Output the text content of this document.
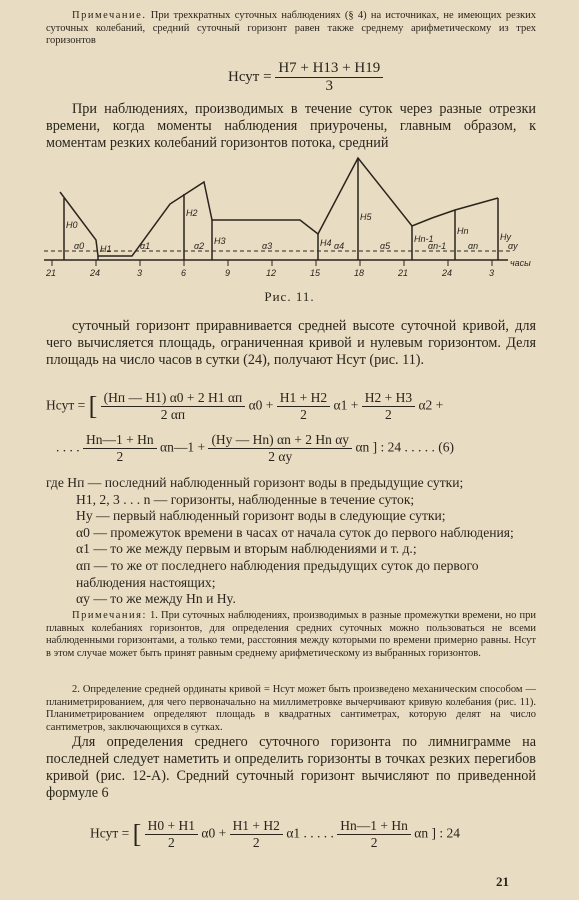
Примечание. При трехкратных суточных наблюдениях (§ 4) на источниках, не имеющих резких суточных колебаний, средний суточный горизонт равен также среднему арифметическому из трех горизонтов
Hсут = $\frac{H7 + H13 + H19}{3}$
При наблюдениях, производимых в течение суток через разные отрезки времени, когда моменты наблюдения приурочены, главным образом, к моментам резких колебаний горизонтов потока, средний
21	24	3	6	9	12	15	18	21	24	3
часы
H0
H1
H2
H3	H4
H5
Hn-1
Hn
Hy
α0	α1	α2	α3	α4	α5	αn-1 αn	αy
Рис. 11.
суточный горизонт приравнивается средней высоте суточной кривой, для чего вычисляется площадь, ограниченная кривой и нулевым горизонтом. Деля площадь на число часов в сутки (24), получают Hсут (рис. 11).
Hсут = [ $\frac{(Hп — H1) \alpha 0 + 2 H1 \alpha п}{2 \alpha п} \alpha 0 + \frac{H1 + H2}{2} \alpha 1 + \frac{H2 + H3}{2} \alpha 2$ +
. . . . $\frac{Hn—1 + Hn}{2}$ αn—1 + $\frac{\text{(Hy — Hn) αn + 2 Hn αy}}{2 \alpha y}$ αn ] : 24 . . . . . (6)
где Hп — последний наблюденный горизонт воды в предыдущие сутки;
H1, 2, 3 . . . n — горизонты, наблюденные в течение суток;
Hy — первый наблюденный горизонт воды в следующие сутки;
α0 — промежуток времени в часах от начала суток до первого наблюдения;
α1 — то же между первым и вторым наблюдениями и т. д.;
αп — то же от последнего наблюдения предыдущих суток до первого наблюдения настоящих;
αy — то же между Hn и Hy.
Примечания: 1. При суточных наблюдениях, производимых в разные промежутки времени, но при плавных колебаниях горизонтов, для определения средних суточных можно пользоваться не всеми наблюденными горизонтами, а только теми, расстояния между которыми по времени примерно равны. Hсут в этом случае может быть принят равным среднему арифметическому из выбранных горизонтов.
2. Определение средней ординаты кривой = Hсут может быть произведено механическим способом — планиметрированием, для чего первоначально на миллиметровке вычерчивают кривую колебания (рис. 11). Планиметрированием определяют площадь в квадратных сантиметрах, которую делят на число сантиметров, заключающихся в сутках.
Для определения среднего суточного горизонта по лимниграмме на последней следует наметить и определить горизонты в точках резких перегибов кривой (рис. 12-А). Средний суточный горизонт вычисляют по приведенной формуле 6
Hсут = [ $\frac{H0 + H1}{2} \alpha 0 + \frac{H1 + H2}{2} \alpha 1$ . . . . . $\frac{Hn—1 + Hn}{2}$ αn ] : 24
21
